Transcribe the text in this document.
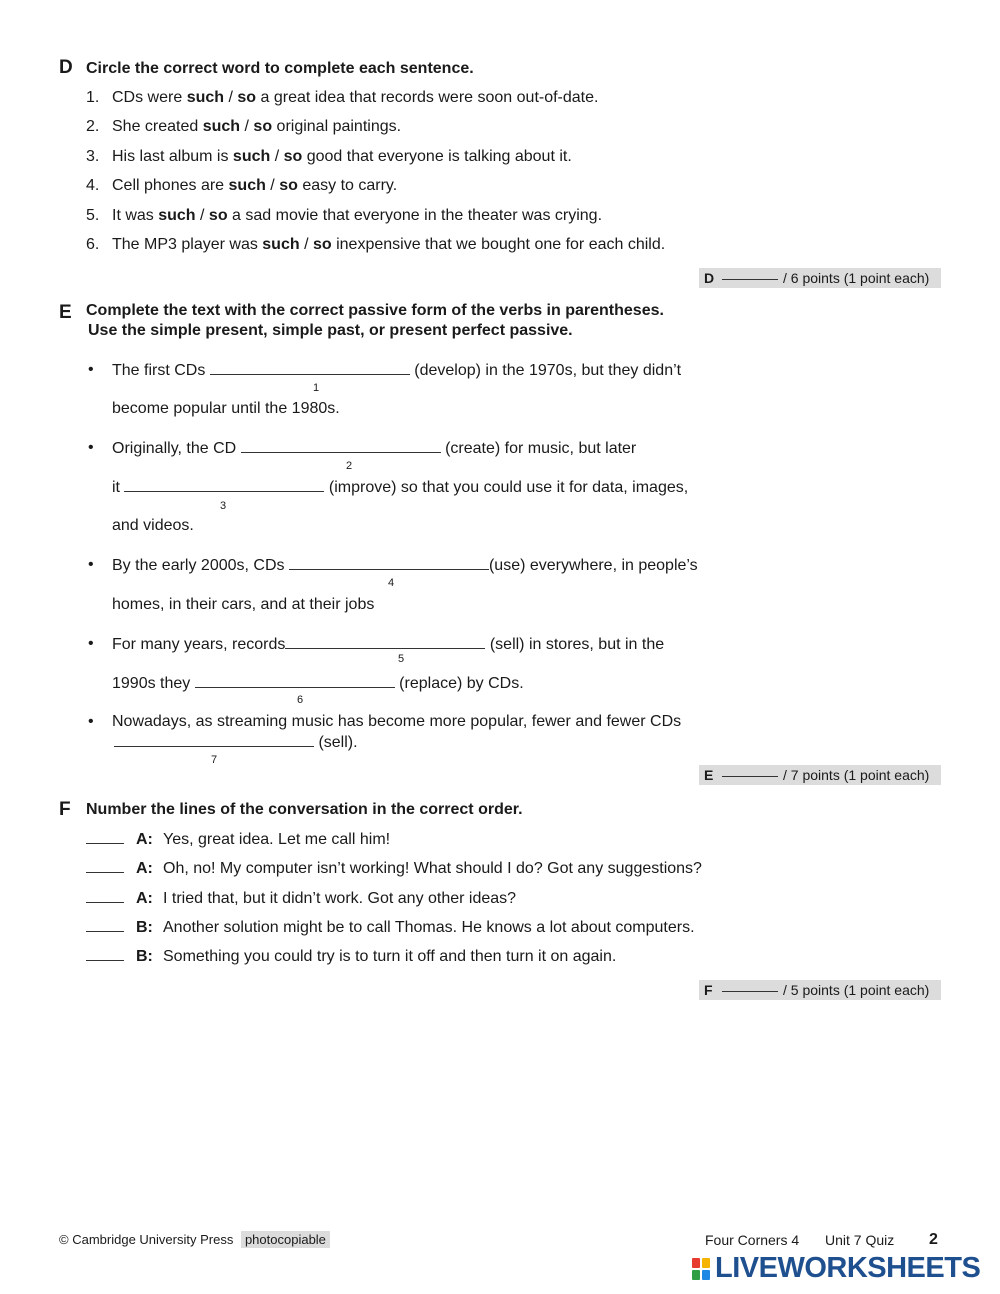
D Circle the correct word to complete each sentence.
1. CDs were such / so a great idea that records were soon out-of-date.
2. She created such / so original paintings.
3. His last album is such / so good that everyone is talking about it.
4. Cell phones are such / so easy to carry.
5. It was such / so a sad movie that everyone in the theater was crying.
6. The MP3 player was such / so inexpensive that we bought one for each child.
D	/ 6 points (1 point each)
E Complete the text with the correct passive form of the verbs in parentheses.
Use the simple present, simple past, or present perfect passive.
• The first CDs	(develop) in the 1970s, but they didn’t
1
become popular until the 1980s.
• Originally, the CD	(create) for music, but later
2
it	(improve) so that you could use it for data, images,
3
and videos.
• By the early 2000s, CDs	(use) everywhere, in people’s
4
homes, in their cars, and at their jobs
• For many years, records	(sell) in stores, but in the
5
1990s they	(replace) by CDs.
6
• Nowadays, as streaming music has become more popular, fewer and fewer CDs
(sell).
7
E	/ 7 points (1 point each)
F Number the lines of the conversation in the correct order.
A: Yes, great idea. Let me call him!
A: Oh, no! My computer isn’t working! What should I do? Got any suggestions?
A: I tried that, but it didn’t work. Got any other ideas?
B: Another solution might be to call Thomas. He knows a lot about computers.
B: Something you could try is to turn it off and then turn it on again.
F	/ 5 points (1 point each)
© Cambridge University Press photocopiable	Four Corners 4 Unit 7 Quiz 2
LIVEWORKSHEETS
